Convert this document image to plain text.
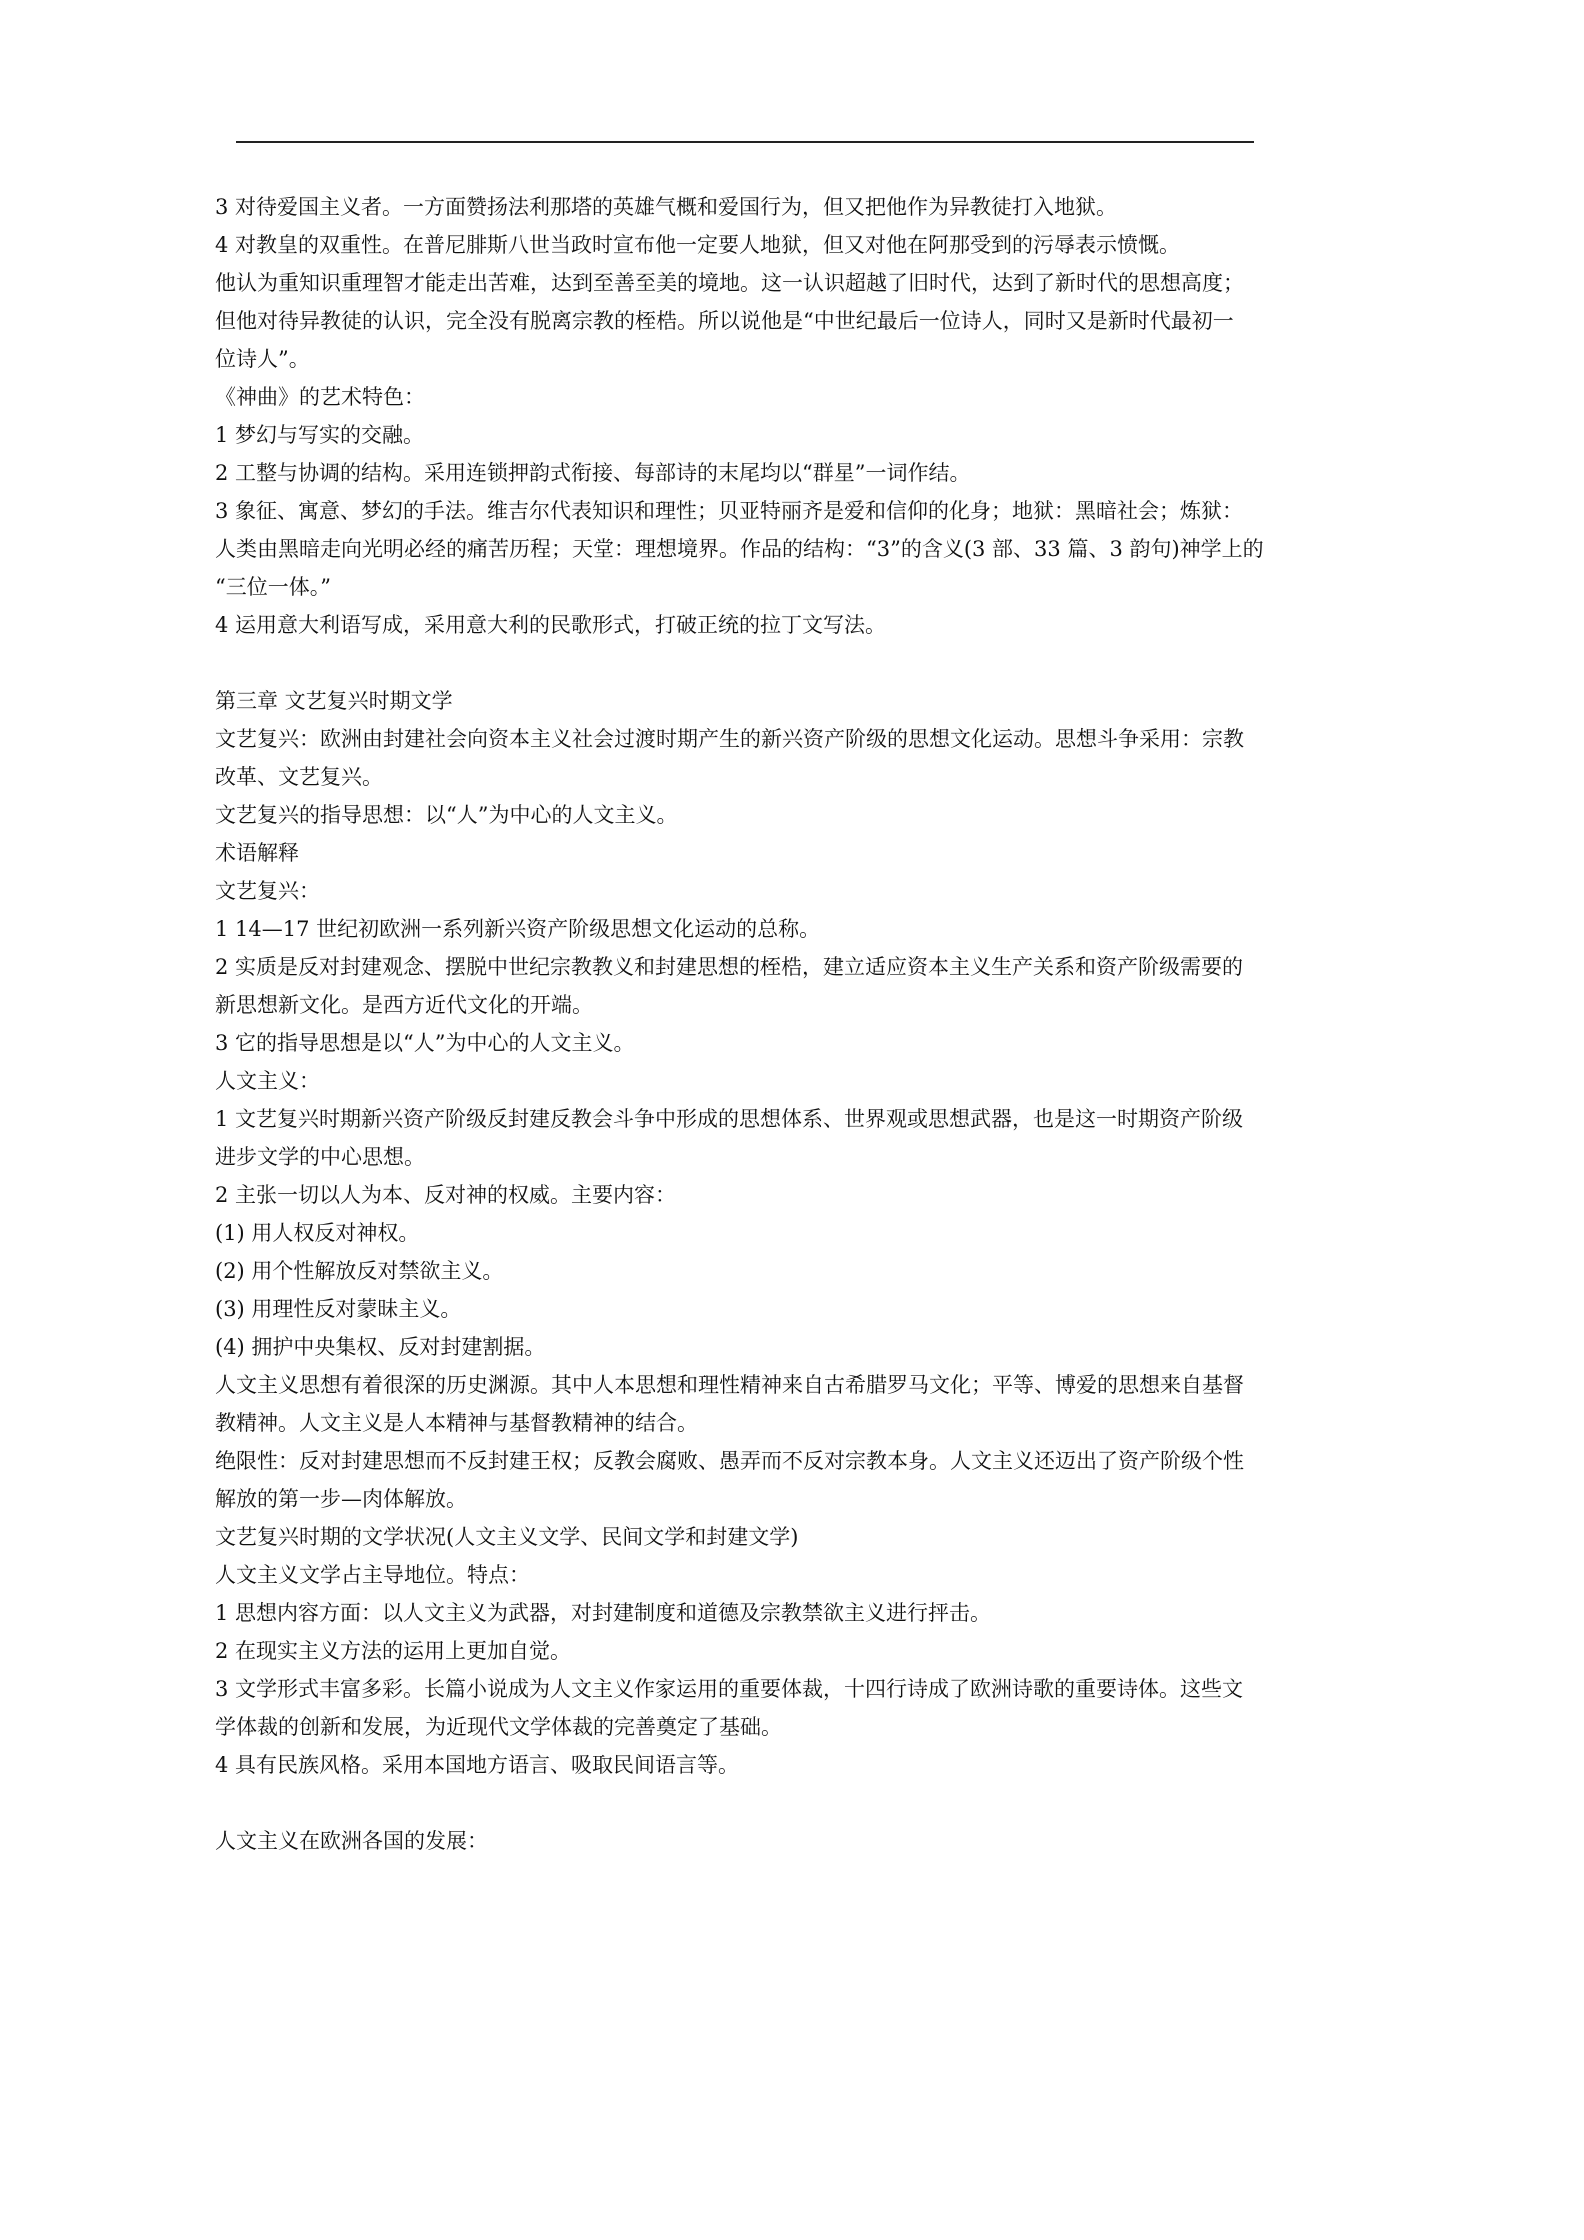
3 对待爱国主义者。一方面赞扬法利那塔的英雄气概和爱国行为，但又把他作为异教徒打入地狱。
4 对教皇的双重性。在普尼腓斯八世当政时宣布他一定要人地狱，但又对他在阿那受到的污辱表示愤慨。
他认为重知识重理智才能走出苦难，达到至善至美的境地。这一认识超越了旧时代，达到了新时代的思想高度；
但他对待异教徒的认识，完全没有脱离宗教的桎梏。所以说他是“中世纪最后一位诗人，同时又是新时代最初一
位诗人”。
《神曲》的艺术特色：
1 梦幻与写实的交融。
2 工整与协调的结构。采用连锁押韵式衔接、每部诗的末尾均以“群星”一词作结。
3 象征、寓意、梦幻的手法。维吉尔代表知识和理性；贝亚特丽齐是爱和信仰的化身；地狱：黑暗社会；炼狱：
人类由黑暗走向光明必经的痛苦历程；天堂：理想境界。作品的结构：“3”的含义(3 部、33 篇、3 韵句)神学上的
“三位一体。”
4 运用意大利语写成，采用意大利的民歌形式，打破正统的拉丁文写法。
第三章 文艺复兴时期文学
文艺复兴：欧洲由封建社会向资本主义社会过渡时期产生的新兴资产阶级的思想文化运动。思想斗争采用：宗教
改革、文艺复兴。
文艺复兴的指导思想：以“人”为中心的人文主义。
术语解释
文艺复兴：
1 14—17 世纪初欧洲一系列新兴资产阶级思想文化运动的总称。
2 实质是反对封建观念、摆脱中世纪宗教教义和封建思想的桎梏，建立适应资本主义生产关系和资产阶级需要的
新思想新文化。是西方近代文化的开端。
3 它的指导思想是以“人”为中心的人文主义。
人文主义：
1 文艺复兴时期新兴资产阶级反封建反教会斗争中形成的思想体系、世界观或思想武器，也是这一时期资产阶级
进步文学的中心思想。
2 主张一切以人为本、反对神的权威。主要内容：
(1) 用人权反对神权。
(2) 用个性解放反对禁欲主义。
(3) 用理性反对蒙昧主义。
(4) 拥护中央集权、反对封建割据。
人文主义思想有着很深的历史渊源。其中人本思想和理性精神来自古希腊罗马文化；平等、博爱的思想来自基督
教精神。人文主义是人本精神与基督教精神的结合。
绝限性：反对封建思想而不反封建王权；反教会腐败、愚弄而不反对宗教本身。人文主义还迈出了资产阶级个性
解放的第一步—肉体解放。
文艺复兴时期的文学状况(人文主义文学、民间文学和封建文学)
人文主义文学占主导地位。特点：
1 思想内容方面：以人文主义为武器，对封建制度和道德及宗教禁欲主义进行抨击。
2 在现实主义方法的运用上更加自觉。
3 文学形式丰富多彩。长篇小说成为人文主义作家运用的重要体裁，十四行诗成了欧洲诗歌的重要诗体。这些文
学体裁的创新和发展，为近现代文学体裁的完善奠定了基础。
4 具有民族风格。采用本国地方语言、吸取民间语言等。
人文主义在欧洲各国的发展：
